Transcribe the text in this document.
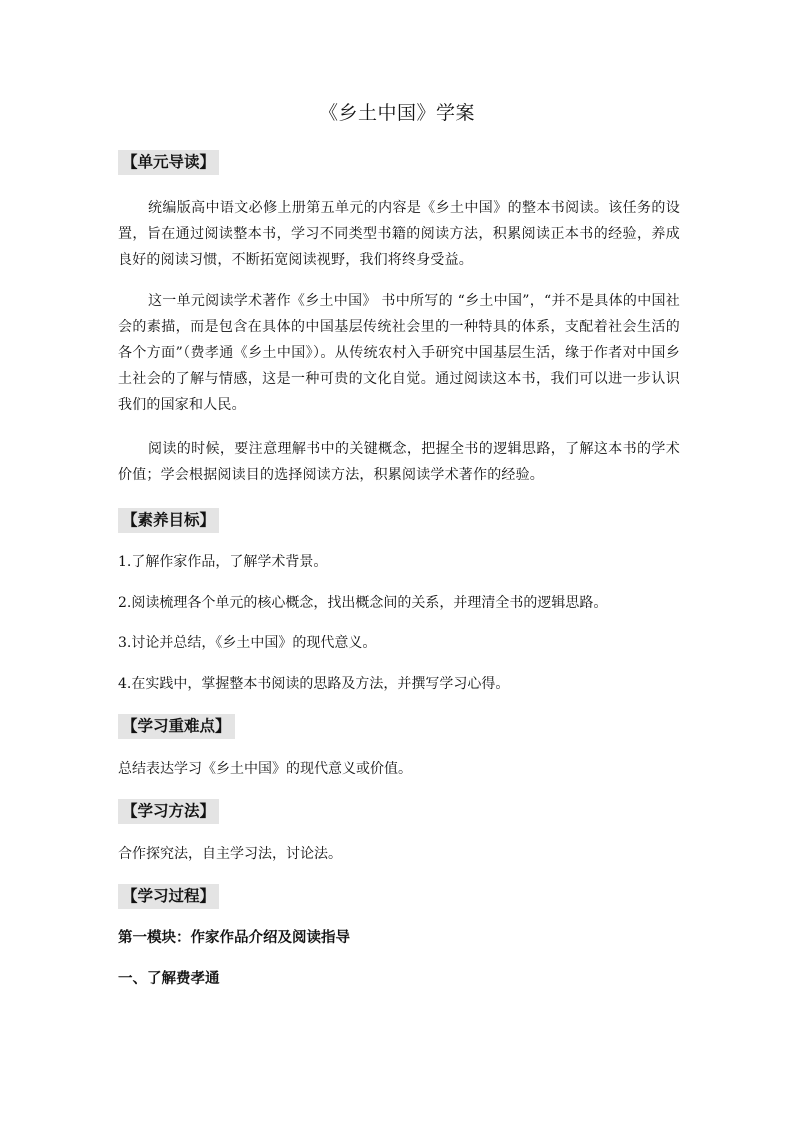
《乡土中国》学案
【单元导读】
统编版高中语文必修上册第五单元的内容是《乡土中国》的整本书阅读。该任务的设置，旨在通过阅读整本书，学习不同类型书籍的阅读方法，积累阅读正本书的经验，养成良好的阅读习惯，不断拓宽阅读视野，我们将终身受益。
这一单元阅读学术著作《乡土中国》 书中所写的 “乡土中国”，“并不是具体的中国社会的素描，而是包含在具体的中国基层传统社会里的一种特具的体系，支配着社会生活的各个方面”（费孝通《乡土中国》）。从传统农村入手研究中国基层生活，缘于作者对中国乡土社会的了解与情感，这是一种可贵的文化自觉。通过阅读这本书，我们可以进一步认识我们的国家和人民。
阅读的时候，要注意理解书中的关键概念，把握全书的逻辑思路，了解这本书的学术价值；学会根据阅读目的选择阅读方法，积累阅读学术著作的经验。
【素养目标】
1.了解作家作品，了解学术背景。
2.阅读梳理各个单元的核心概念，找出概念间的关系，并理清全书的逻辑思路。
3.讨论并总结，《乡土中国》的现代意义。
4.在实践中，掌握整本书阅读的思路及方法，并撰写学习心得。
【学习重难点】
总结表达学习《乡土中国》的现代意义或价值。
【学习方法】
合作探究法，自主学习法，讨论法。
【学习过程】
第一模块：作家作品介绍及阅读指导
一、了解费孝通
